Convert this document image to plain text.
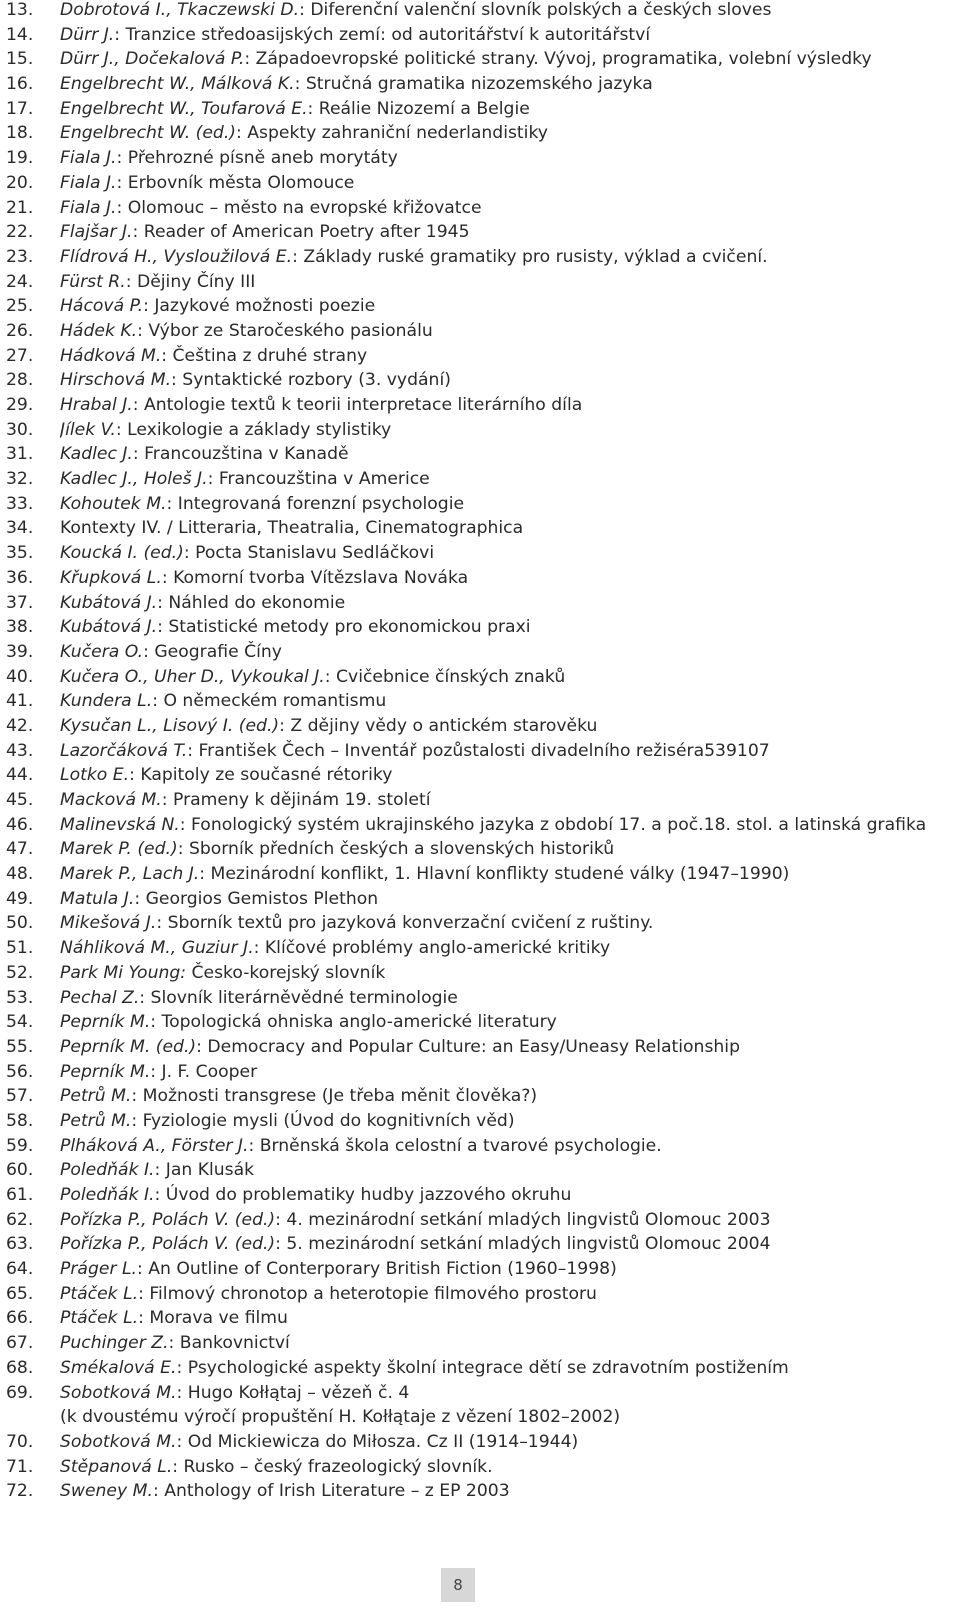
13.	Dobrotová I., Tkaczewski D.: Diferenční valenční slovník polských a českých sloves
14.	Dürr J.: Tranzice středoasijských zemí: od autoritářství k autoritářství
15.	Dürr J., Dočekalová P.: Západoevropské politické strany. Vývoj, programatika, volební výsledky
16.	Engelbrecht W., Málková K.: Stručná gramatika nizozemského jazyka
17.	Engelbrecht W., Toufarová E.: Reálie Nizozemí a Belgie
18.	Engelbrecht W. (ed.): Aspekty zahraniční nederlandistiky
19.	Fiala J.: Přehrozné písně aneb morytáty
20.	Fiala J.: Erbovník města Olomouce
21.	Fiala J.: Olomouc – město na evropské křižovatce
22.	Flajšar J.: Reader of American Poetry after 1945
23.	Flídrová H., Vysloužilová E.: Základy ruské gramatiky pro rusisty, výklad a cvičení.
24.	Fürst R.: Dějiny Číny III
25.	Hácová P.: Jazykové možnosti poezie
26.	Hádek K.: Výbor ze Staročeského pasionálu
27.	Hádková M.: Čeština z druhé strany
28.	Hirschová M.: Syntaktické rozbory (3. vydání)
29.	Hrabal J.: Antologie textů k teorii interpretace literárního díla
30.	Jílek V.: Lexikologie a základy stylistiky
31.	Kadlec J.: Francouzština v Kanadě
32.	Kadlec J., Holeš J.: Francouzština v Americe
33.	Kohoutek M.: Integrovaná forenzní psychologie
34.	Kontexty IV. / Litteraria, Theatralia, Cinematographica
35.	Koucká I. (ed.): Pocta Stanislavu Sedláčkovi
36.	Křupková L.: Komorní tvorba Vítězslava Nováka
37.	Kubátová J.: Náhled do ekonomie
38.	Kubátová J.: Statistické metody pro ekonomickou praxi
39.	Kučera O.: Geografie Číny
40.	Kučera O., Uher D., Vykoukal J.: Cvičebnice čínských znaků
41.	Kundera L.: O německém romantismu
42.	Kysučan L., Lisový I. (ed.): Z dějiny vědy o antickém starověku
43.	Lazorčáková T.: František Čech – Inventář pozůstalosti divadelního režiséra539107
44.	Lotko E.: Kapitoly ze současné rétoriky
45.	Macková M.: Prameny k dějinám 19. století
46.	Malinevská N.: Fonologický systém ukrajinského jazyka z období 17. a poč.18. stol. a latinská grafika
47.	Marek P. (ed.): Sborník předních českých a slovenských historiků
48.	Marek P., Lach J.: Mezinárodní konflikt, 1. Hlavní konflikty studené války (1947–1990)
49.	Matula J.: Georgios Gemistos Plethon
50.	Mikešová J.: Sborník textů pro jazyková konverzační cvičení z ruštiny.
51.	Náhliková M., Guziur J.: Klíčové problémy anglo-americké kritiky
52.	Park Mi Young: Česko-korejský slovník
53.	Pechal Z.: Slovník literárněvědné terminologie
54.	Peprník M.: Topologická ohniska anglo-americké literatury
55.	Peprník M. (ed.): Democracy and Popular Culture: an Easy/Uneasy Relationship
56.	Peprník M.: J. F. Cooper
57.	Petrů M.: Možnosti transgrese (Je třeba měnit člověka?)
58.	Petrů M.: Fyziologie mysli (Úvod do kognitivních věd)
59.	Plháková A., Förster J.: Brněnská škola celostní a tvarové psychologie.
60.	Poledňák I.: Jan Klusák
61.	Poledňák I.: Úvod do problematiky hudby jazzového okruhu
62.	Pořízka P., Polách V. (ed.): 4. mezinárodní setkání mladých lingvistů Olomouc 2003
63.	Pořízka P., Polách V. (ed.): 5. mezinárodní setkání mladých lingvistů Olomouc 2004
64.	Práger L.: An Outline of Conterporary British Fiction (1960–1998)
65.	Ptáček L.: Filmový chronotop a heterotopie filmového prostoru
66.	Ptáček L.: Morava ve filmu
67.	Puchinger Z.: Bankovnictví
68.	Smékalová E.: Psychologické aspekty školní integrace dětí se zdravotním postižením
69.	Sobotková M.: Hugo Kołłątaj – vězeň č. 4
(k dvoustému výročí propuštění H. Kołłątaje z vězení 1802–2002)
70.	Sobotková M.: Od Mickiewicza do Miłosza. Cz II (1914–1944)
71.	Stěpanová L.: Rusko – český frazeologický slovník.
72.	Sweney M.: Anthology of Irish Literature – z EP 2003
8
